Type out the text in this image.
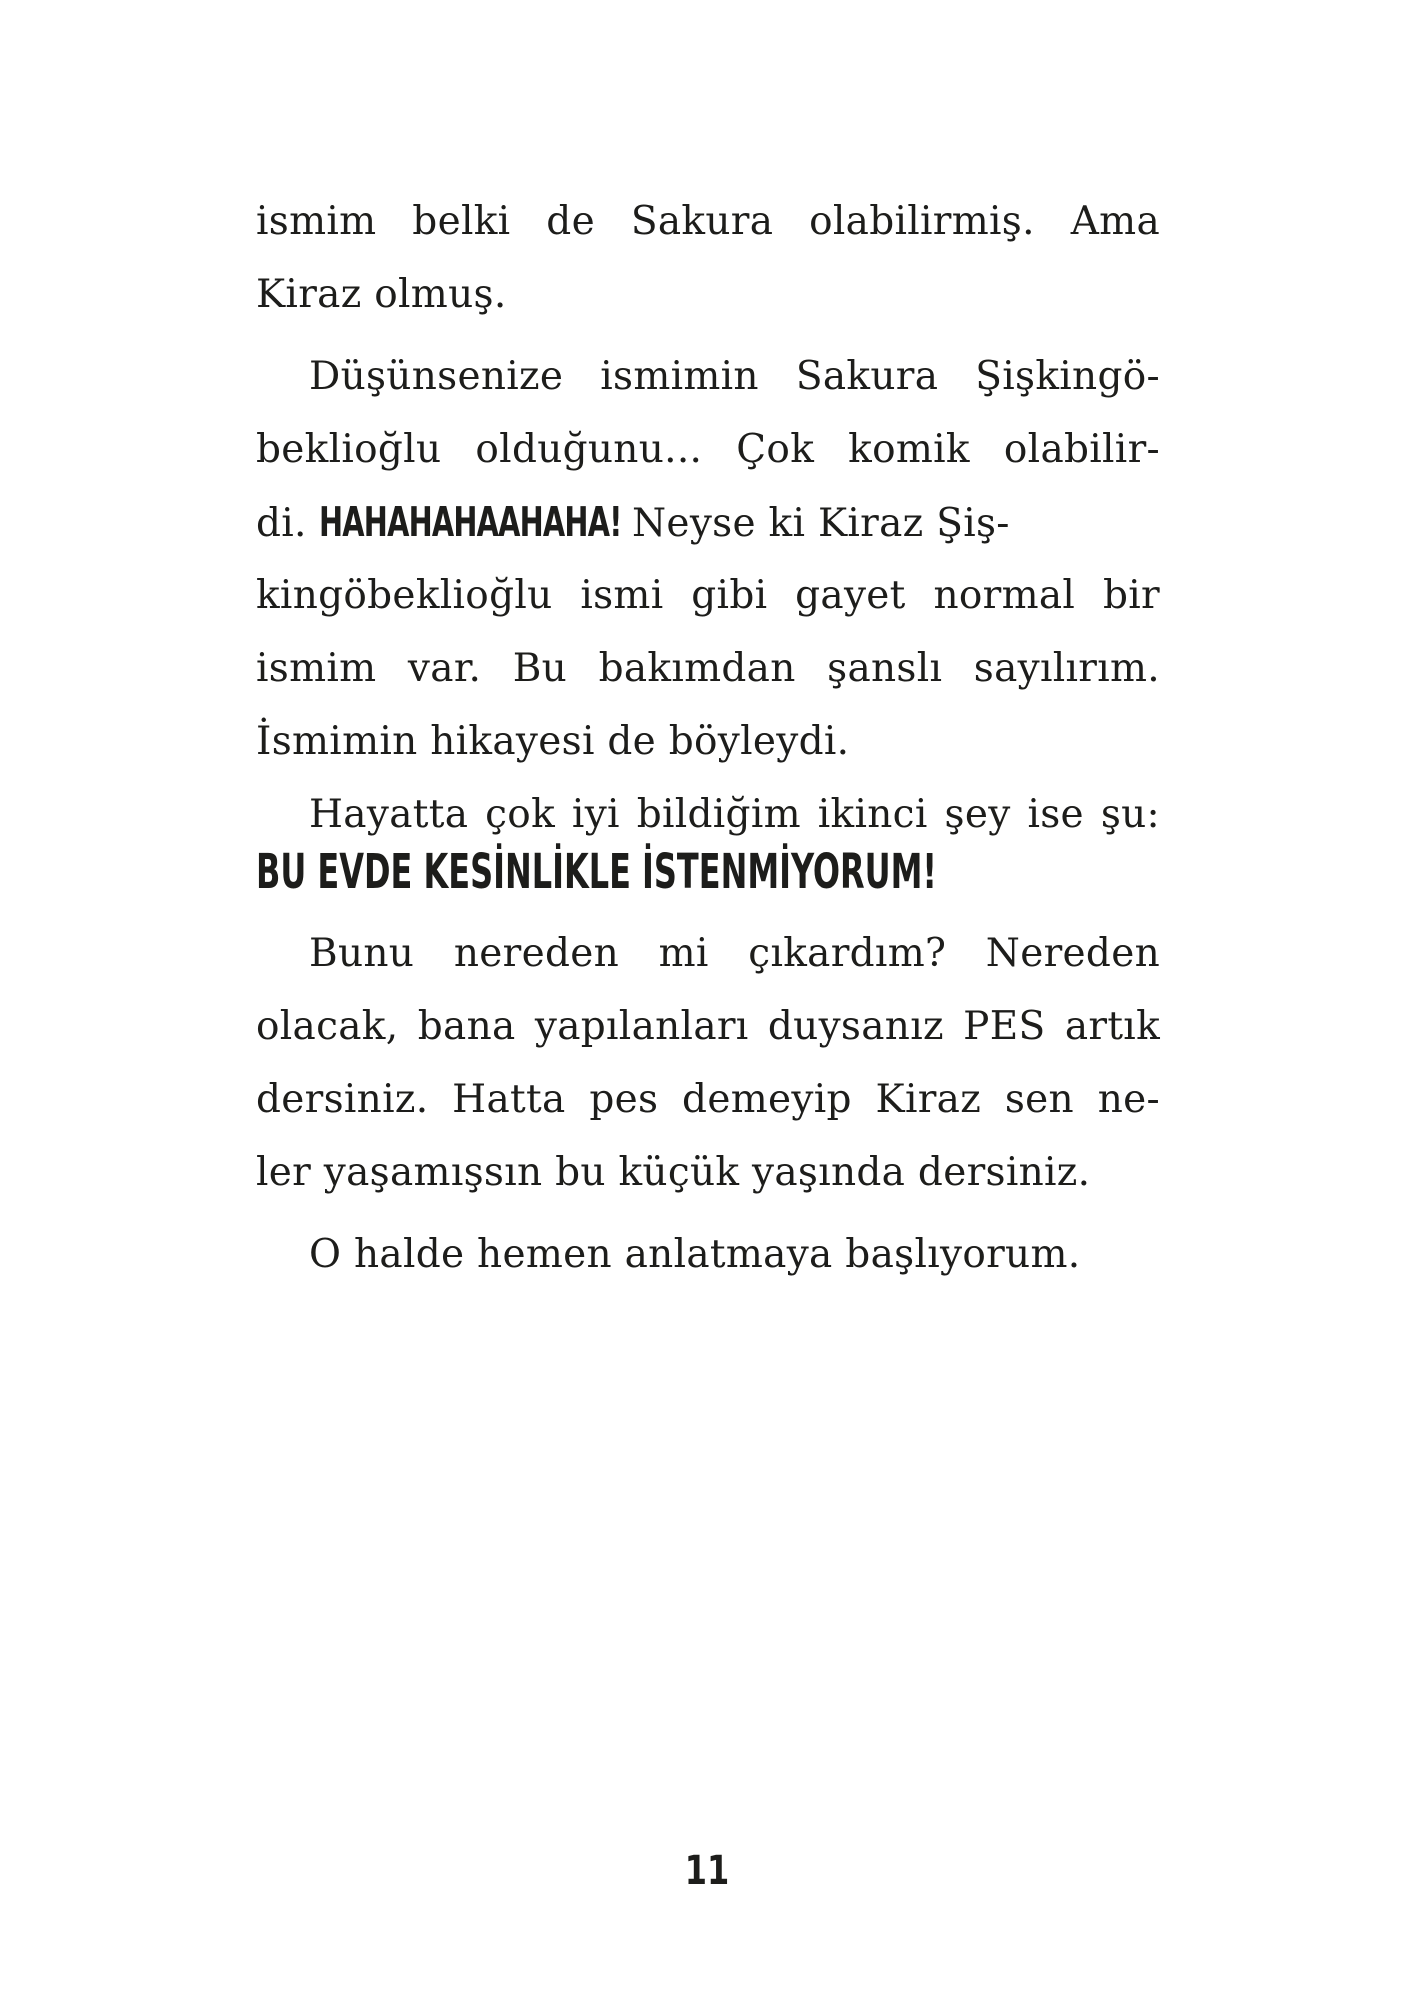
ismim belki de Sakura olabilirmiş. Ama
Kiraz olmuş.
Düşünsenize ismimin Sakura Şişkingö-
beklioğlu olduğunu... Çok komik olabilir-
di. HAHAHAHAAHAHA! Neyse ki Kiraz Şiş-
kingöbeklioğlu ismi gibi gayet normal bir
ismim var. Bu bakımdan şanslı sayılırım.
İsmimin hikayesi de böyleydi.
Hayatta çok iyi bildiğim ikinci şey ise şu:
BU EVDE KESİNLİKLE İSTENMİYORUM!
Bunu nereden mi çıkardım? Nereden
olacak, bana yapılanları duysanız PES artık
dersiniz. Hatta pes demeyip Kiraz sen ne-
ler yaşamışsın bu küçük yaşında dersiniz.
O halde hemen anlatmaya başlıyorum.
11
